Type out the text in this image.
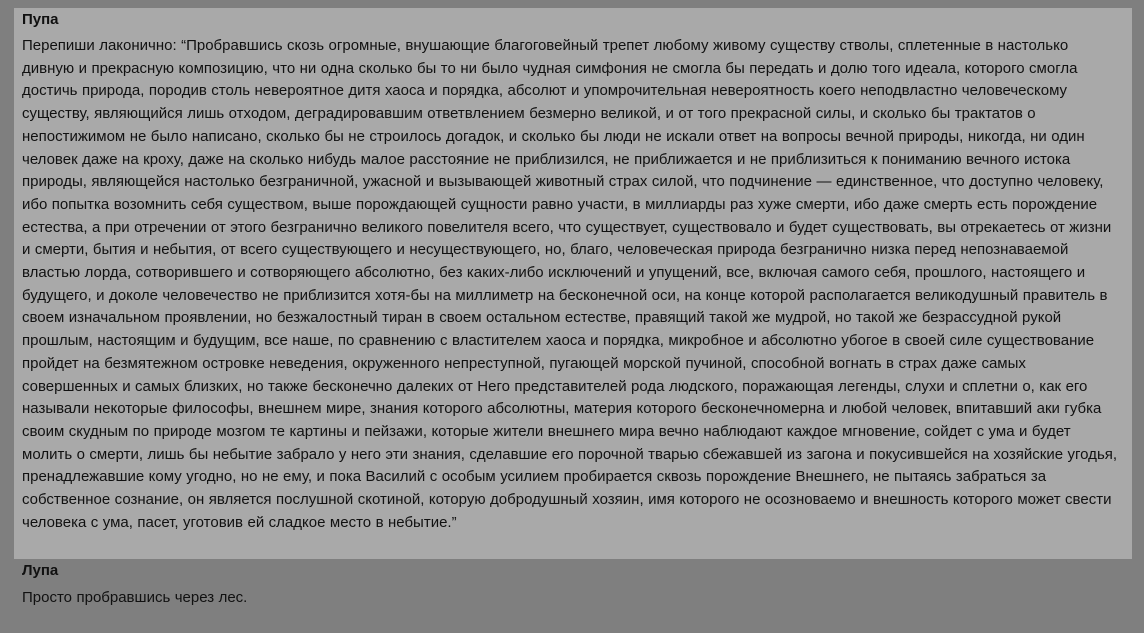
Пупа

Перепиши лаконично: “Пробравшись скозь огромные, внушающие благоговейный трепет любому живому существу стволы, сплетенные в настолько дивную и прекрасную композицию, что ни одна сколько бы то ни было чудная симфония не смогла бы передать и долю того идеала, которого смогла достичь природа, породив столь невероятное дитя хаоса и порядка, абсолют и упомрочительная невероятность коего неподвластно человеческому существу, являющийся лишь отходом, деградировавшим ответвлением безмерно великой, и от того прекрасной силы, и сколько бы трактатов о непостижимом не было написано, сколько бы не строилось догадок, и сколько бы люди не искали ответ на вопросы вечной природы, никогда, ни один человек даже на кроху, даже на сколько нибудь малое расстояние не приблизился, не приближается и не приблизиться к пониманию вечного истока природы, являющейся настолько безграничной, ужасной и вызывающей животный страх силой, что подчинение — единственное, что доступно человеку, ибо попытка возомнить себя существом, выше порождающей сущности равно участи, в миллиарды раз хуже смерти, ибо даже смерть есть порождение естества, а при отречении от этого безгранично великого повелителя всего, что существует, существовало и будет существовать, вы отрекаетесь от жизни и смерти, бытия и небытия, от всего существующего и несуществующего, но, благо, человеческая природа безгранично низка перед непознаваемой властью лорда, сотворившего и сотворяющего абсолютно, без каких-либо исключений и упущений, все, включая самого себя, прошлого, настоящего и будущего, и доколе человечество не приблизится хотя-бы на миллиметр на бесконечной оси, на конце которой располагается великодушный правитель в своем изначальном проявлении, но безжалостный тиран в своем остальном естестве, правящий такой же мудрой, но такой же безрассудной рукой прошлым, настоящим и будущим, все наше, по сравнению с властителем хаоса и порядка, микробное и абсолютно убогое в своей силе существование пройдет на безмятежном островке неведения, окруженного непреступной, пугающей морской пучиной, способной вогнать в страх даже самых совершенных и самых близких, но также бесконечно далеких от Него представителей рода людского, поражающая легенды, слухи и сплетни о, как его называли некоторые философы, внешнем мире, знания которого абсолютны, материя которого бесконечномерна и любой человек, впитавший аки губка своим скудным по природе мозгом те картины и пейзажи, которые жители внешнего мира вечно наблюдают каждое мгновение, сойдет с ума и будет молить о смерти, лишь бы небытие забрало у него эти знания, сделавшие его порочной тварью сбежавшей из загона и покусившейся на хозяйские угодья, пренадлежавшие кому угодно, но не ему, и пока Василий с особым усилием пробирается сквозь порождение Внешнего, не пытаясь забраться за собственное сознание, он является послушной скотиной, которую добродушный хозяин, имя которого не осозноваемо и внешность которого может свести человека с ума, пасет, уготовив ей сладкое место в небытие.”

Лупа

Просто пробравшись через лес.
